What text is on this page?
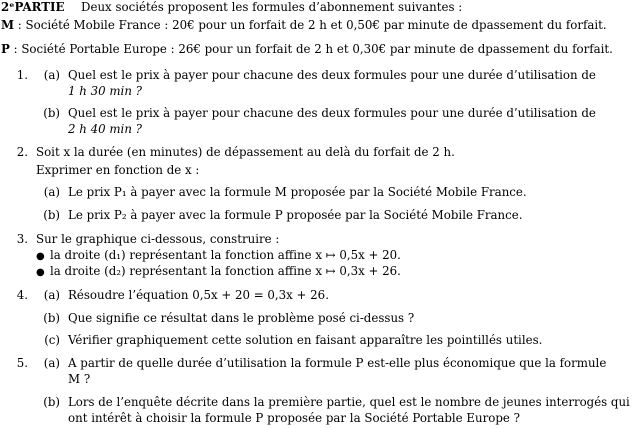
2ᵉPARTIE Deux sociétés proposent les formules d’abonnement suivantes :
M : Société Mobile France : 20€ pour un forfait de 2 h et 0,50€ par minute de dpassement du forfait.
P : Société Portable Europe : 26€ pour un forfait de 2 h et 0,30€ par minute de dpassement du forfait.
1.	(a) Quel est le prix à payer pour chacune des deux formules pour une durée d’utilisation de
1 h 30 min ?
(b) Quel est le prix à payer pour chacune des deux formules pour une durée d’utilisation de
2 h 40 min ?
2. Soit x la durée (en minutes) de dépassement au delà du forfait de 2 h.
Exprimer en fonction de x :
(a) Le prix P₁ à payer avec la formule M proposée par la Société Mobile France.
(b) Le prix P₂ à payer avec la formule P proposée par la Société Mobile France.
3. Sur le graphique ci-dessous, construire :
● la droite (d₁) représentant la fonction affine x ↦ 0,5x + 20.
● la droite (d₂) représentant la fonction affine x ↦ 0,3x + 26.
4.	(a) Résoudre l’équation 0,5x + 20 = 0,3x + 26.
(b) Que signifie ce résultat dans le problème posé ci-dessus ?
(c) Vérifier graphiquement cette solution en faisant apparaître les pointillés utiles.
5.	(a) A partir de quelle durée d’utilisation la formule P est-elle plus économique que la formule
M ?
(b) Lors de l’enquête décrite dans la première partie, quel est le nombre de jeunes interrogés qui
ont intérêt à choisir la formule P proposée par la Société Portable Europe ?
